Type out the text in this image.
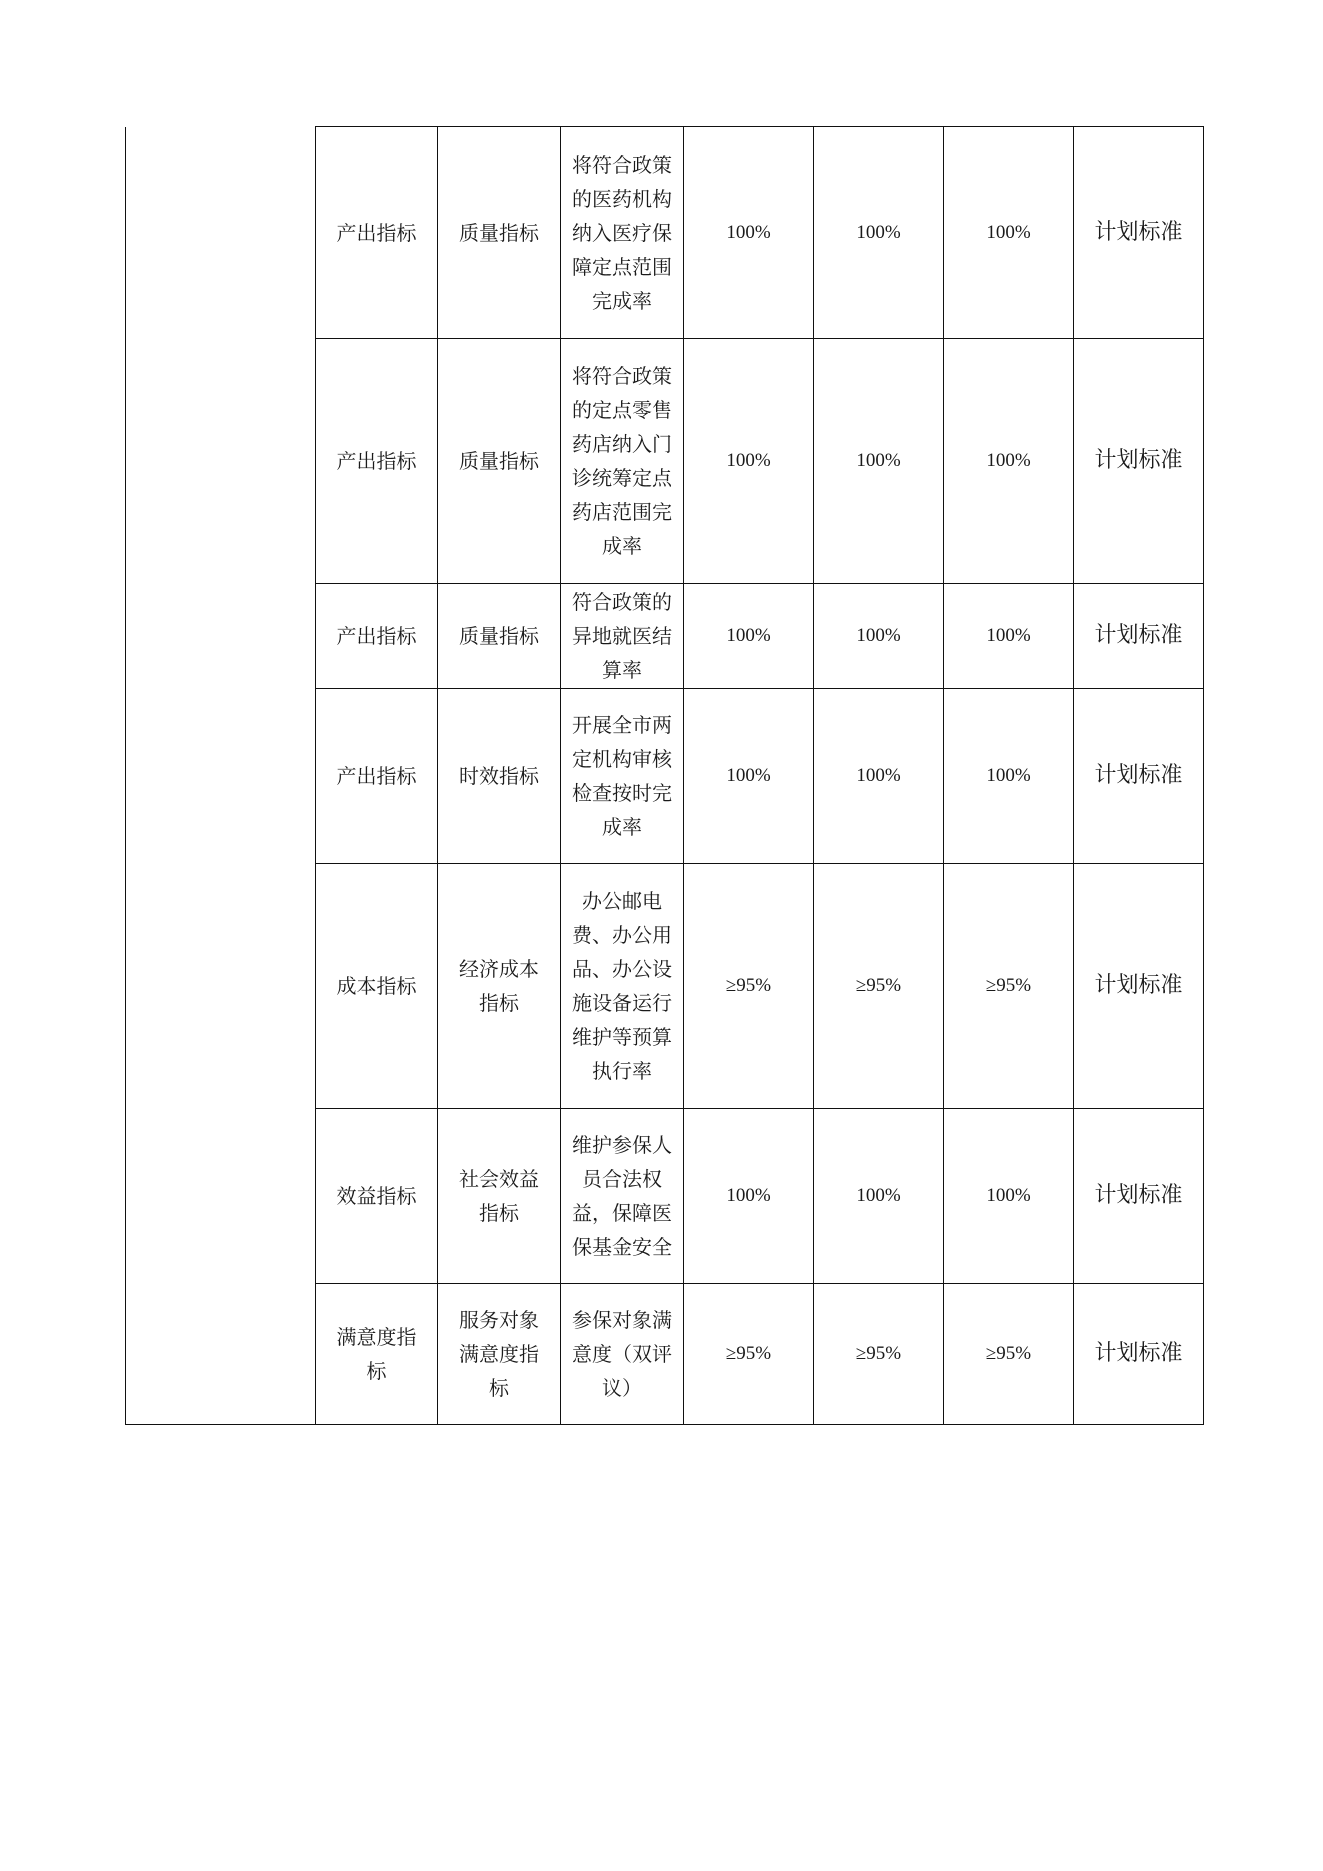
	产出指标	质量指标	将符合政策的医药机构纳入医疗保障定点范围完成率	100%	100%	100%	计划标准
	产出指标	质量指标	将符合政策的定点零售药店纳入门诊统筹定点药店范围完成率	100%	100%	100%	计划标准
	产出指标	质量指标	符合政策的异地就医结算率	100%	100%	100%	计划标准
	产出指标	时效指标	开展全市两定机构审核检查按时完成率	100%	100%	100%	计划标准
	成本指标	经济成本指标	办公邮电费、办公用品、办公设施设备运行维护等预算执行率	≥95%	≥95%	≥95%	计划标准
	效益指标	社会效益指标	维护参保人员合法权益，保障医保基金安全	100%	100%	100%	计划标准
	满意度指标	服务对象满意度指标	参保对象满意度（双评议）	≥95%	≥95%	≥95%	计划标准
